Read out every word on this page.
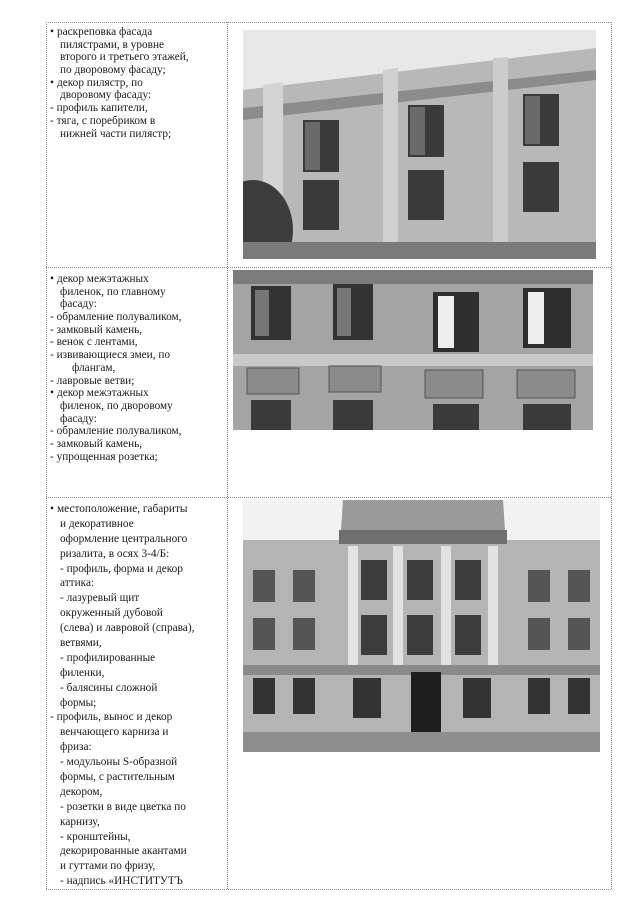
• раскреповка фасада
пилястрами, в уровне
второго и третьего этажей,
по дворовому фасаду;
• декор пилястр, по
дворовому фасаду:
- профиль капители,
- тяга, с поребриком в
нижней части пилястр;
• декор межэтажных
филенок, по главному
фасаду:
- обрамление полуваликом,
- замковый камень,
- венок с лентами,
- извивающиеся змеи, по
флангам,
- лавровые ветви;
• декор межэтажных
филенок, по дворовому
фасаду:
- обрамление полуваликом,
- замковый камень,
- упрощенная розетка;
• местоположение, габариты
и декоративное
оформление центрального
ризалита, в осях 3-4/Б:
- профиль, форма и декор
аттика:
- лазуревый щит
окруженный дубовой
(слева) и лавровой (справа),
ветвями,
- профилированные
филенки,
- балясины сложной
формы;
- профиль, вынос и декор
венчающего карниза и
фриза:
- модульоны S-образной
формы, с растительным
декором,
- розетки в виде цветка по
карнизу,
- кронштейны,
декорированные акантами
и гуттами по фризу,
- надпись «ИНСТИТУТЪ
